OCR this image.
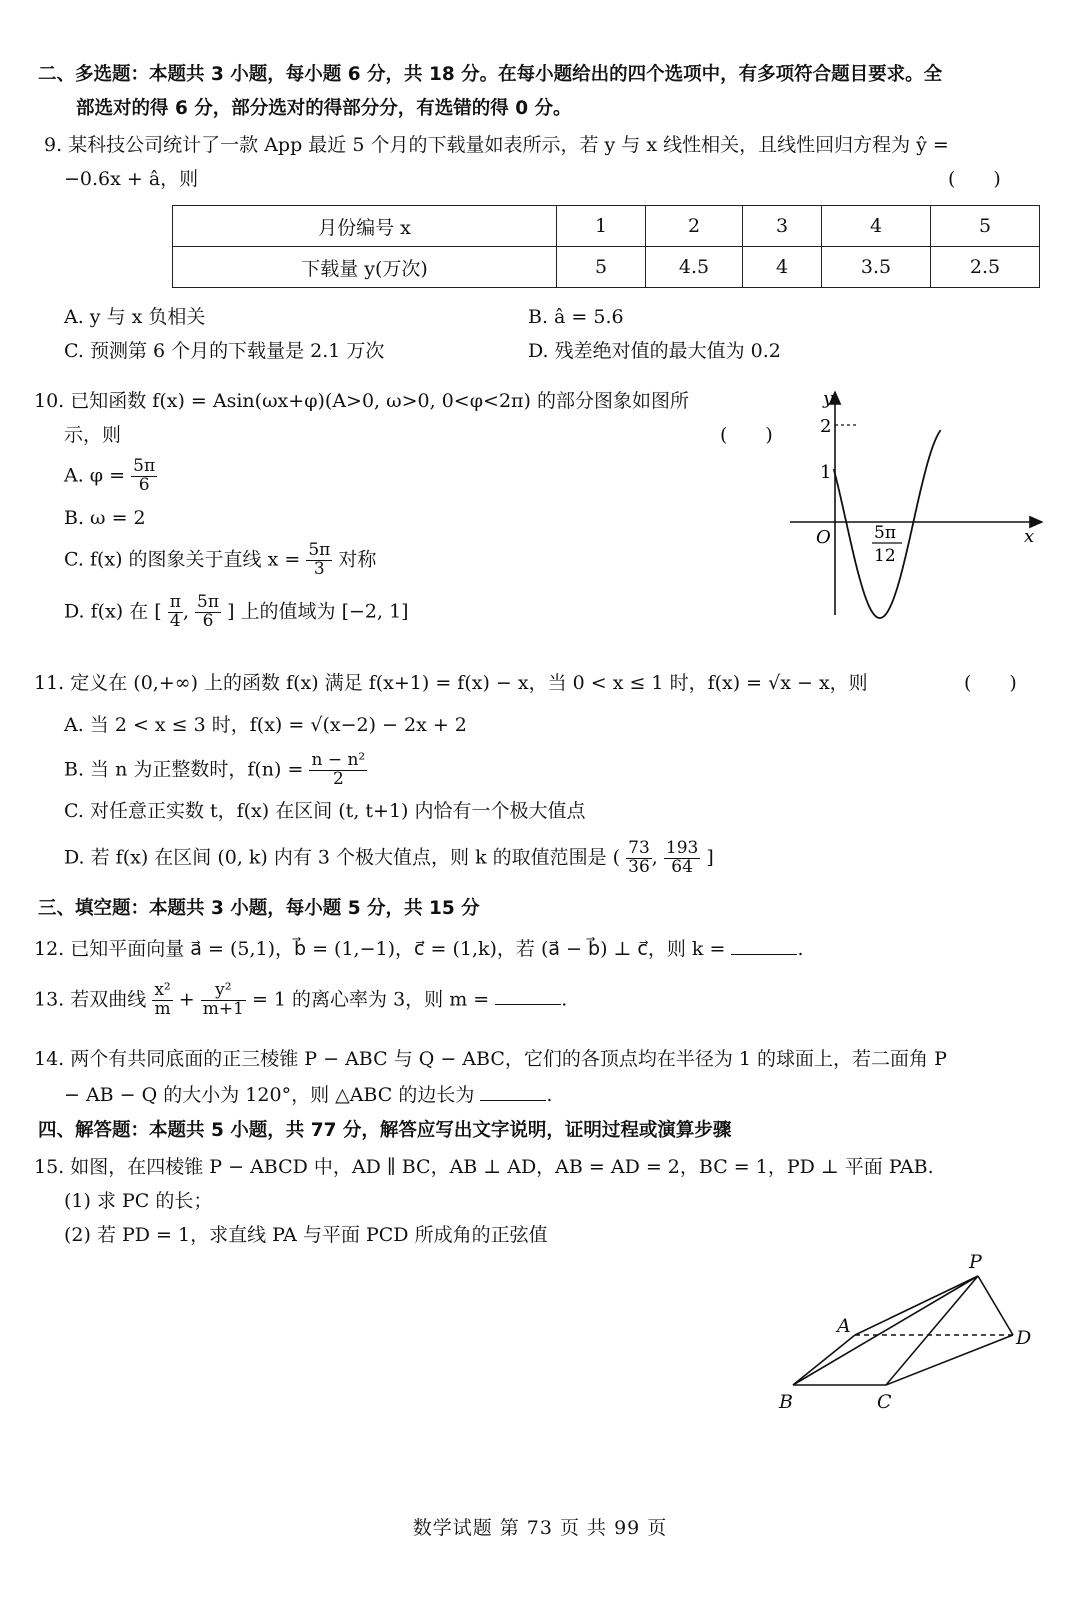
二、多选题：本题共 3 小题，每小题 6 分，共 18 分。在每小题给出的四个选项中，有多项符合题目要求。全
部选对的得 6 分，部分选对的得部分分，有选错的得 0 分。
9. 某科技公司统计了一款 App 最近 5 个月的下载量如表所示，若 y 与 x 线性相关，且线性回归方程为 ŷ =
−0.6x + â，则	(　　)
月份编号 x	1	2	3	4	5
下载量 y(万次)	5	4.5	4	3.5	2.5
A. y 与 x 负相关	B. â = 5.6
C. 预测第 6 个月的下载量是 2.1 万次	D. 残差绝对值的最大值为 0.2
10. 已知函数 f(x) = Asin(ωx+φ)(A>0, ω>0, 0<φ<2π) 的部分图象如图所
示，则	(　　)
A. $\varphi = \frac{5\pi}{6}$
B. ω = 2
C. f(x) 的图象关于直线 $x = \frac{5\pi}{3}$ 对称
D. f(x) 在 [ $\frac{\pi}{4}$ , $\frac{5\pi}{6}$ ] 上的值域为 [−2, 1]
y
x
O
2
1
5π
12
11. 定义在 (0,+∞) 上的函数 f(x) 满足 f(x+1) = f(x) − x，当 0 < x ≤ 1 时，f(x) = √x − x，则	(　　)
A. 当 2 < x ≤ 3 时，f(x) = √(x−2) − 2x + 2
B. 当 n 为正整数时，$f(n) = \frac{\text{n − n²}}{2}$
C. 对任意正实数 t，f(x) 在区间 (t, t+1) 内恰有一个极大值点
D. 若 f(x) 在区间 (0, k) 内有 3 个极大值点，则 k 的取值范围是 ( $\frac{73}{36}$ , $\frac{193}{64}$ ]
三、填空题：本题共 3 小题，每小题 5 分，共 15 分
12. 已知平面向量 a⃗ = (5,1)，b⃗ = (1,−1)，c⃗ = (1,k)，若 (a⃗ − b⃗) ⊥ c⃗，则 k =	.
13. 若双曲线 $\frac{\text{x²}}{m} + \frac{\text{y²}}{m+1} = 1$ 的离心率为 3，则 m =	.
14. 两个有共同底面的正三棱锥 P − ABC 与 Q − ABC，它们的各顶点均在半径为 1 的球面上，若二面角 P
− AB − Q 的大小为 120°，则 △ABC 的边长为	.
四、解答题：本题共 5 小题，共 77 分，解答应写出文字说明，证明过程或演算步骤
15. 如图，在四棱锥 P − ABCD 中，AD ∥ BC，AB ⊥ AD，AB = AD = 2，BC = 1，PD ⊥ 平面 PAB.
(1) 求 PC 的长；
(2) 若 PD = 1，求直线 PA 与平面 PCD 所成角的正弦值
P
A
B	C
D
数学试题 第 73 页 共 99 页
